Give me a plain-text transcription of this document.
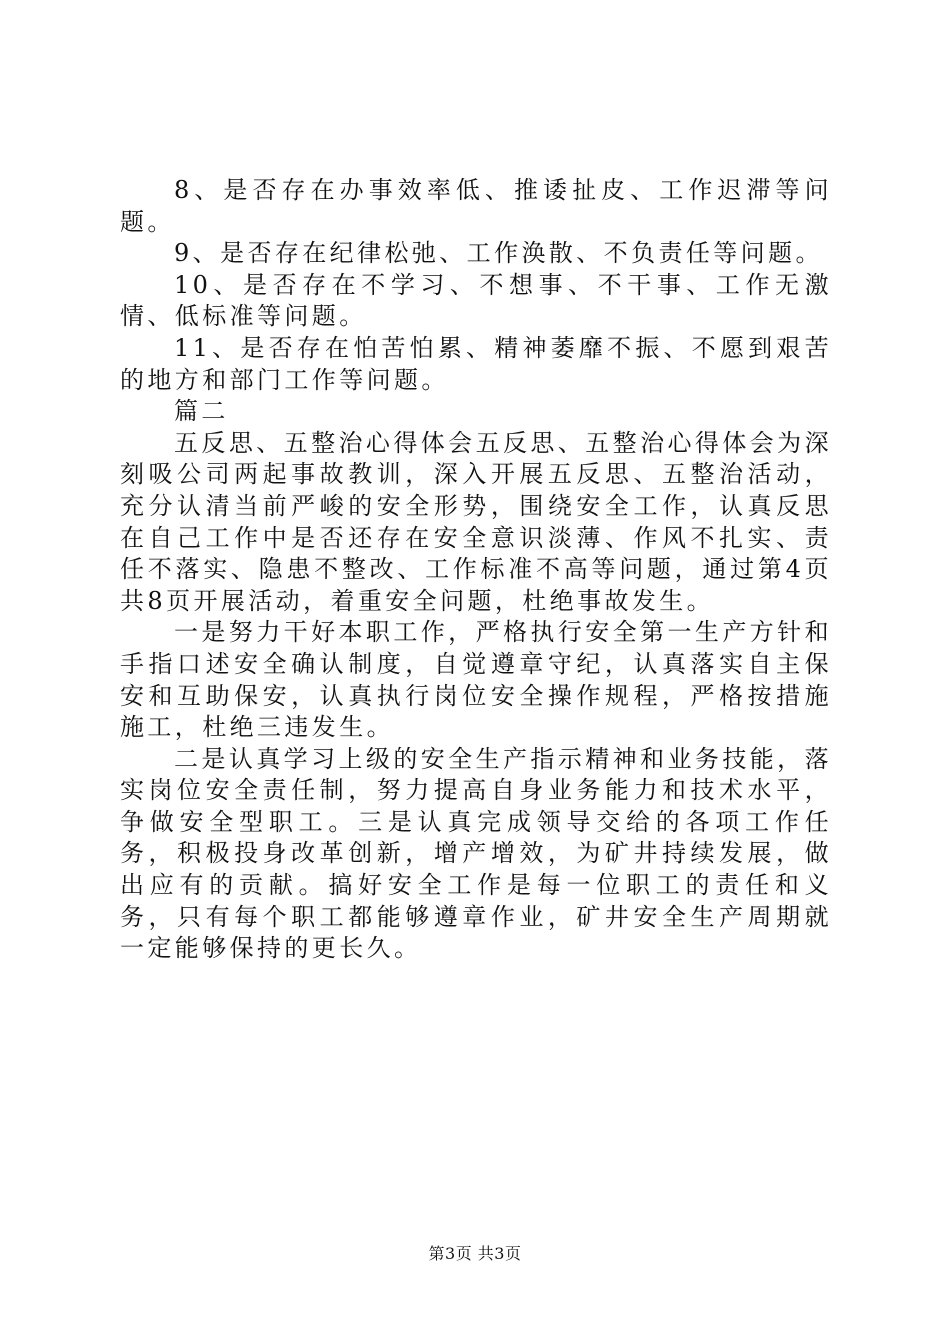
8、是否存在办事效率低、推诿扯皮、工作迟滞等问题。

9、是否存在纪律松弛、工作涣散、不负责任等问题。

10、是否存在不学习、不想事、不干事、工作无激情、低标准等问题。

11、是否存在怕苦怕累、精神萎靡不振、不愿到艰苦的地方和部门工作等问题。

篇二

五反思、五整治心得体会五反思、五整治心得体会为深刻吸公司两起事故教训，深入开展五反思、五整治活动，充分认清当前严峻的安全形势，围绕安全工作，认真反思在自己工作中是否还存在安全意识淡薄、作风不扎实、责任不落实、隐患不整改、工作标准不高等问题，通过第4页共8页开展活动，着重安全问题，杜绝事故发生。

一是努力干好本职工作，严格执行安全第一生产方针和手指口述安全确认制度，自觉遵章守纪，认真落实自主保安和互助保安，认真执行岗位安全操作规程，严格按措施施工，杜绝三违发生。

二是认真学习上级的安全生产指示精神和业务技能，落实岗位安全责任制，努力提高自身业务能力和技术水平，争做安全型职工。三是认真完成领导交给的各项工作任务，积极投身改革创新，增产增效，为矿井持续发展，做出应有的贡献。搞好安全工作是每一位职工的责任和义务，只有每个职工都能够遵章作业，矿井安全生产周期就一定能够保持的更长久。

第3页 共3页
